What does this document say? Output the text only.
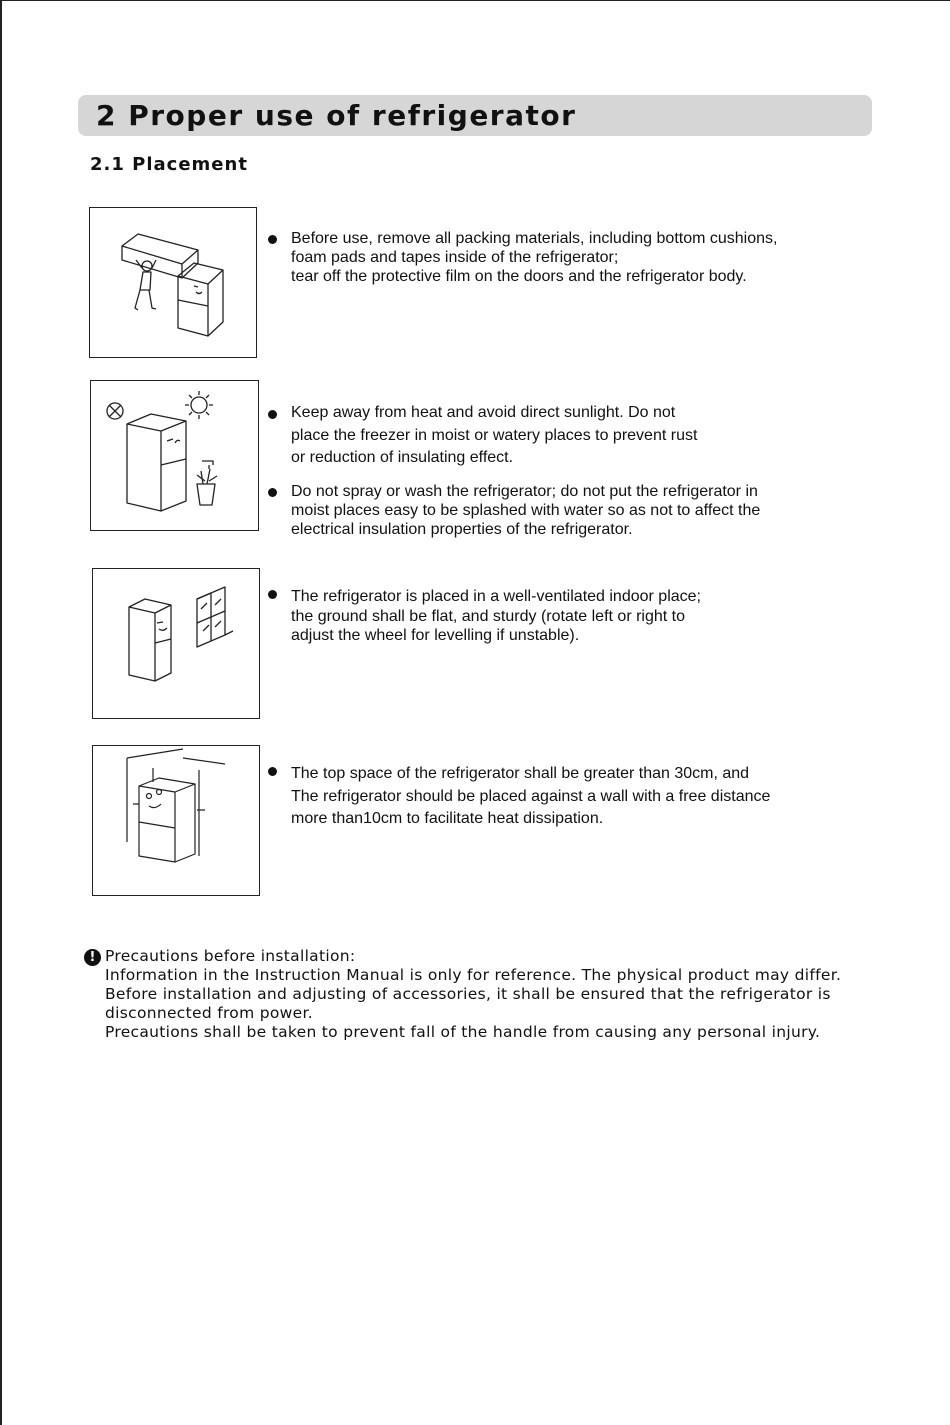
2 Proper use of refrigerator
2.1 Placement
Before use, remove all packing materials, including bottom cushions,
foam pads and tapes inside of the refrigerator;
tear off the protective film on the doors and the refrigerator body.
Keep away from heat and avoid direct sunlight. Do not
place the freezer in moist or watery places to prevent rust
or reduction of insulating effect.
Do not spray or wash the refrigerator; do not put the refrigerator in
moist places easy to be splashed with water so as not to affect the
electrical insulation properties of the refrigerator.
The refrigerator is placed in a well-ventilated indoor place;
the ground shall be flat, and sturdy (rotate left or right to
adjust the wheel for levelling if unstable).
The top space of the refrigerator shall be greater than 30cm, and
The refrigerator should be placed against a wall with a free distance
more than10cm to facilitate heat dissipation.
! Precautions before installation:
Information in the Instruction Manual is only for reference. The physical product may differ.
Before installation and adjusting of accessories, it shall be ensured that the refrigerator is
disconnected from power.
Precautions shall be taken to prevent fall of the handle from causing any personal injury.
